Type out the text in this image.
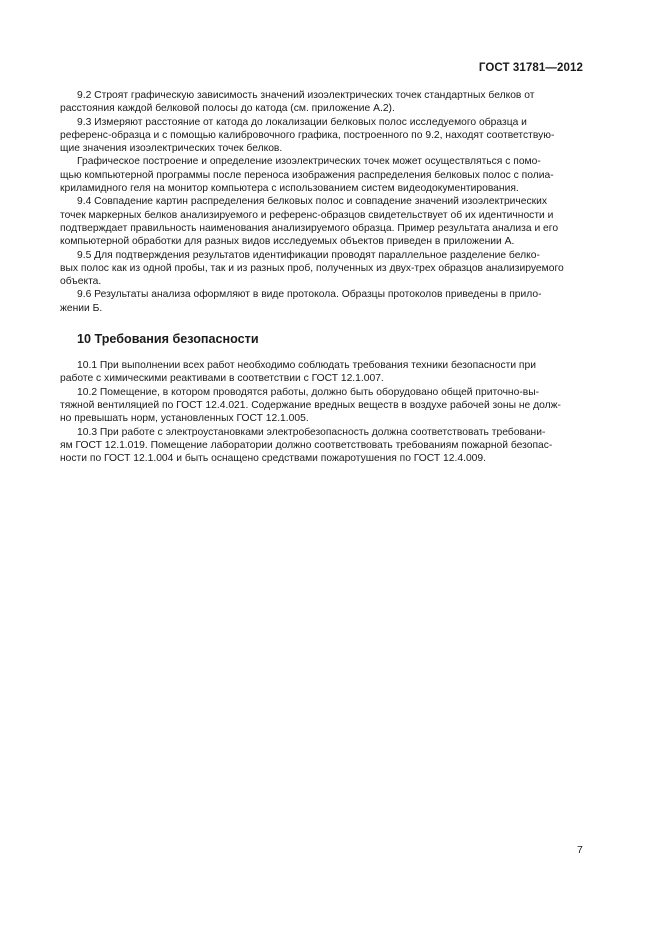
ГОСТ 31781—2012
9.2 Строят графическую зависимость значений изоэлектрических точек стандартных белков от
расстояния каждой белковой полосы до катода (см. приложение А.2).
9.3 Измеряют расстояние от катода до локализации белковых полос исследуемого образца и
референс-образца и с помощью калибровочного графика, построенного по 9.2, находят соответствую-
щие значения изоэлектрических точек белков.
Графическое построение и определение изоэлектрических точек может осуществляться с помо-
щью компьютерной программы после переноса изображения распределения белковых полос с полиа-
криламидного геля на монитор компьютера с использованием систем видеодокументирования.
9.4 Совпадение картин распределения белковых полос и совпадение значений изоэлектрических
точек маркерных белков анализируемого и референс-образцов свидетельствует об их идентичности и
подтверждает правильность наименования анализируемого образца. Пример результата анализа и его
компьютерной обработки для разных видов исследуемых объектов приведен в приложении А.
9.5 Для подтверждения результатов идентификации проводят параллельное разделение белко-
вых полос как из одной пробы, так и из разных проб, полученных из двух-трех образцов анализируемого
объекта.
9.6 Результаты анализа оформляют в виде протокола. Образцы протоколов приведены в прило-
жении Б.
10 Требования безопасности
10.1 При выполнении всех работ необходимо соблюдать требования техники безопасности при
работе с химическими реактивами в соответствии с ГОСТ 12.1.007.
10.2 Помещение, в котором проводятся работы, должно быть оборудовано общей приточно-вы-
тяжной вентиляцией по ГОСТ 12.4.021. Содержание вредных веществ в воздухе рабочей зоны не долж-
но превышать норм, установленных ГОСТ 12.1.005.
10.3 При работе с электроустановками электробезопасность должна соответствовать требовани-
ям ГОСТ 12.1.019. Помещение лаборатории должно соответствовать требованиям пожарной безопас-
ности по ГОСТ 12.1.004 и быть оснащено средствами пожаротушения по ГОСТ 12.4.009.
7
